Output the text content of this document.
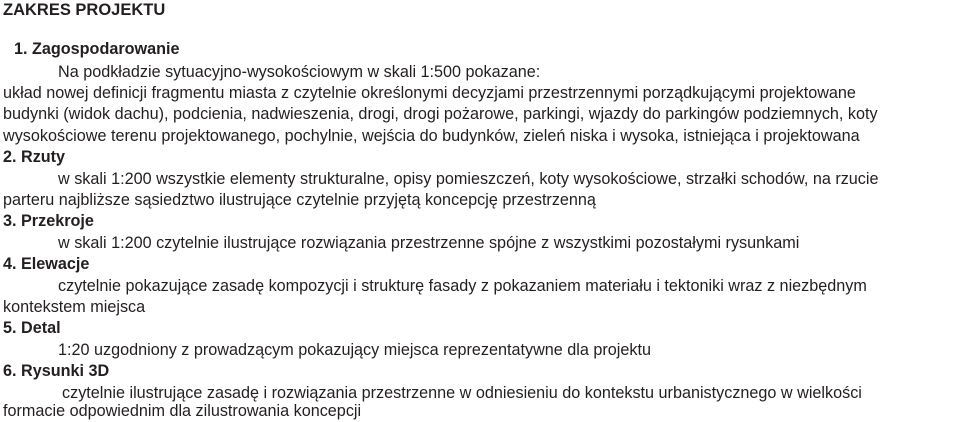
ZAKRES PROJEKTU
1. Zagospodarowanie
Na podkładzie sytuacyjno-wysokościowym w skali 1:500 pokazane:
układ nowej definicji fragmentu miasta z czytelnie określonymi decyzjami przestrzennymi porządkującymi projektowane
budynki (widok dachu), podcienia, nadwieszenia, drogi, drogi pożarowe, parkingi, wjazdy do parkingów podziemnych, koty
wysokościowe terenu projektowanego, pochylnie, wejścia do budynków, zieleń niska i wysoka, istniejąca i projektowana
2. Rzuty
w skali 1:200 wszystkie elementy strukturalne, opisy pomieszczeń, koty wysokościowe, strzałki schodów, na rzucie
parteru najbliższe sąsiedztwo ilustrujące czytelnie przyjętą koncepcję przestrzenną
3. Przekroje
w skali 1:200 czytelnie ilustrujące rozwiązania przestrzenne spójne z wszystkimi pozostałymi rysunkami
4. Elewacje
czytelnie pokazujące zasadę kompozycji i strukturę fasady z pokazaniem materiału i tektoniki wraz z niezbędnym
kontekstem miejsca
5. Detal
1:20 uzgodniony z prowadzącym pokazujący miejsca reprezentatywne dla projektu
6. Rysunki 3D
czytelnie ilustrujące zasadę i rozwiązania przestrzenne w odniesieniu do kontekstu urbanistycznego w wielkości
formacie odpowiednim dla zilustrowania koncepcji
